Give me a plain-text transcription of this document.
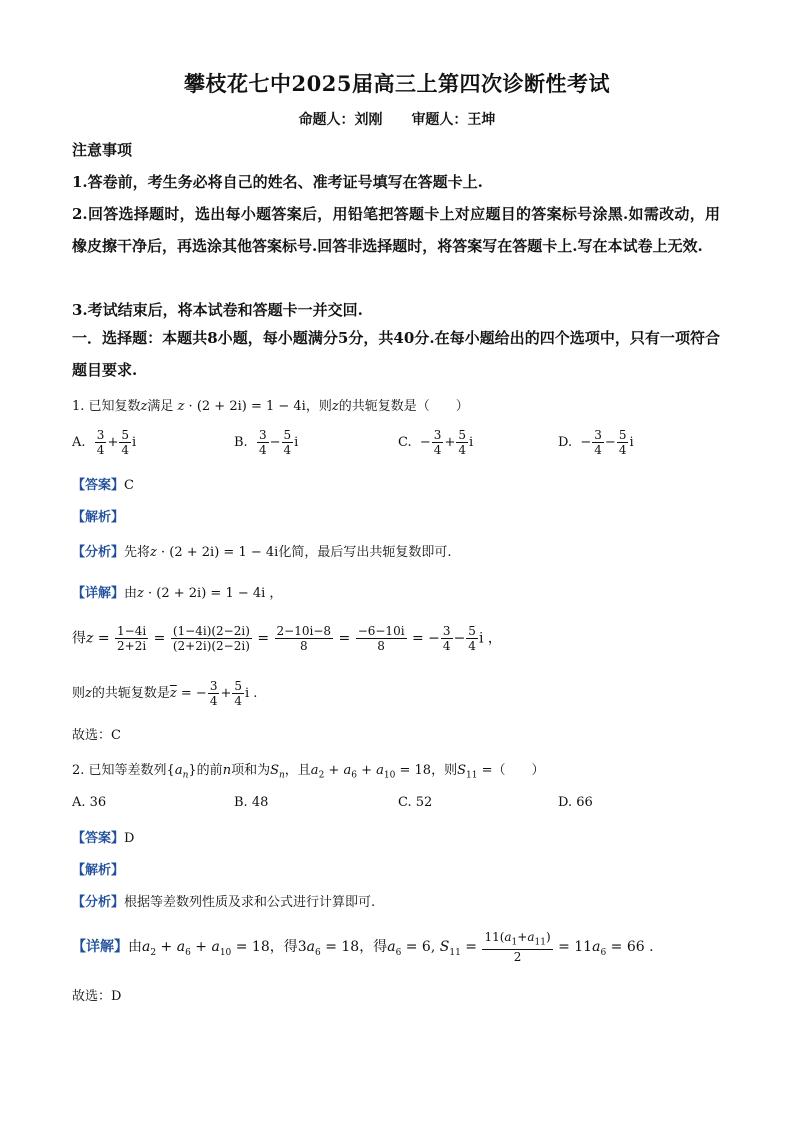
攀枝花七中2025届高三上第四次诊断性考试
命题人：刘刚 审题人：王坤
注意事项
1.答卷前，考生务必将自己的姓名、准考证号填写在答题卡上.
2.回答选择题时，选出每小题答案后，用铅笔把答题卡上对应题目的答案标号涂黑.如需改动，用橡皮擦干净后，再选涂其他答案标号.回答非选择题时，将答案写在答题卡上.写在本试卷上无效.
3.考试结束后，将本试卷和答题卡一并交回.
一．选择题：本题共8小题，每小题满分5分，共40分.在每小题给出的四个选项中，只有一项符合题目要求.
1. 已知复数z满足 z · (2 + 2i) = 1 − 4i，则z的共轭复数是（　　）
A. $\frac{3}{4} + \frac{5}{4}$ i	B. $\frac{3}{4} - \frac{5}{4}$ i	C.  − $\frac{3}{4} + \frac{5}{4}$ i	D.  − $\frac{3}{4} - \frac{5}{4}$ i
【答案】C
【解析】
【分析】先将z · (2 + 2i) = 1 − 4i化简，最后写出共轭复数即可.
【详解】由z · (2 + 2i) = 1 − 4i ，
得$z = \frac{1-4i}{2+2i} = \frac{(1-4i)(2-2i)}{(2+2i)(2-2i)} = \frac{2-10i-8}{8} = \frac{-6-10i}{8}$ = − $\frac{3}{4} - \frac{5}{4}$ i ，
则z的共轭复数是$\overline{z}$ = − $\frac{3}{4} + \frac{5}{4}$ i .
故选：C
2. 已知等差数列$\{a_n\}$的前n项和为$S_n$，且$a_2 + a_6 + a_{10} = 18$，则$S_{11}$ =（　　）
A. 36	B. 48	C. 52	D. 66
【答案】D
【解析】
【分析】根据等差数列性质及求和公式进行计算即可.
【详解】由$a_2 + a_6 + a_{10} = 18$，得$3a_6 = 18$，得$a_6 = 6$, $S_{11} = \frac{11(a_1+a_{11})}{2} = 11a_6 = 66$ .
故选：D
